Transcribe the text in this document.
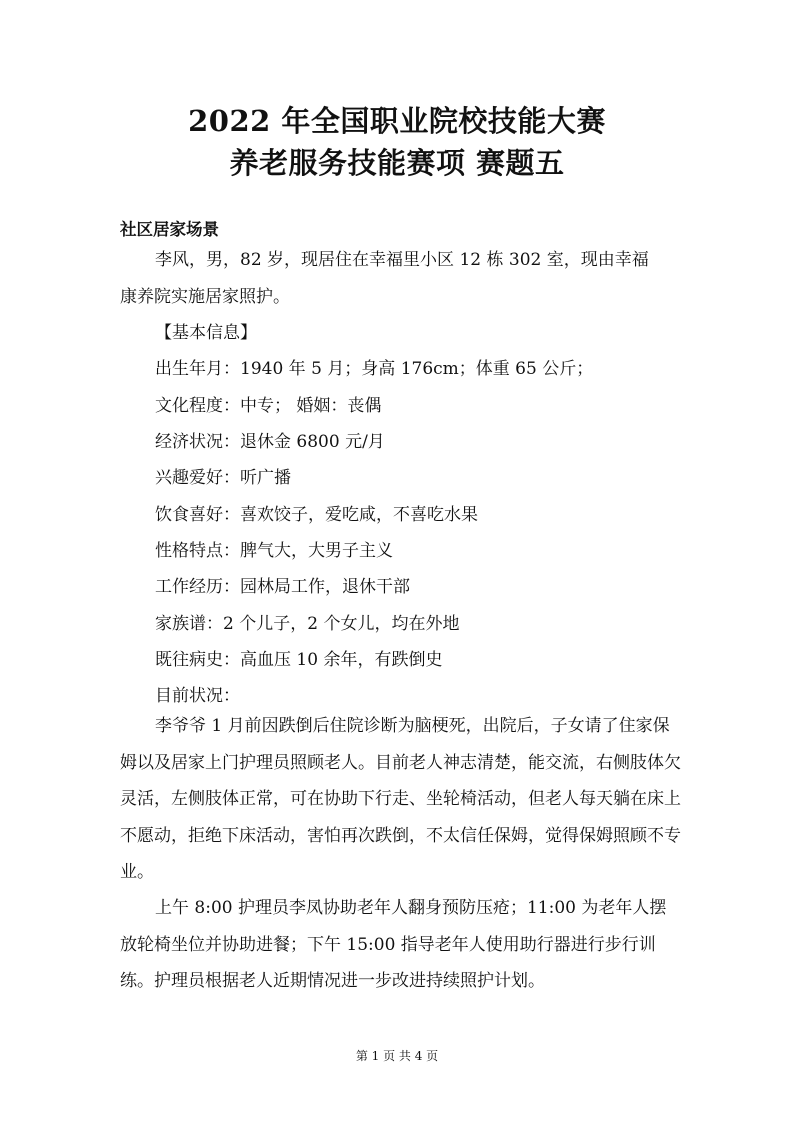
2022 年全国职业院校技能大赛
养老服务技能赛项 赛题五
社区居家场景
李风，男，82 岁，现居住在幸福里小区 12 栋 302 室，现由幸福
康养院实施居家照护。
【基本信息】
出生年月：1940 年 5 月；身高 176cm；体重 65 公斤；
文化程度：中专； 婚姻：丧偶
经济状况：退休金 6800 元/月
兴趣爱好：听广播
饮食喜好：喜欢饺子，爱吃咸，不喜吃水果
性格特点：脾气大，大男子主义
工作经历：园林局工作，退休干部
家族谱：2 个儿子，2 个女儿，均在外地
既往病史：高血压 10 余年，有跌倒史
目前状况：

李爷爷 1 月前因跌倒后住院诊断为脑梗死，出院后，子女请了住家保姆以及居家上门护理员照顾老人。目前老人神志清楚，能交流，右侧肢体欠灵活，左侧肢体正常，可在协助下行走、坐轮椅活动，但老人每天躺在床上不愿动，拒绝下床活动，害怕再次跌倒，不太信任保姆，觉得保姆照顾不专业。

上午 8:00 护理员李凤协助老年人翻身预防压疮；11:00 为老年人摆放轮椅坐位并协助进餐；下午 15:00 指导老年人使用助行器进行步行训练。护理员根据老人近期情况进一步改进持续照护计划。

第 1 页 共 4 页
